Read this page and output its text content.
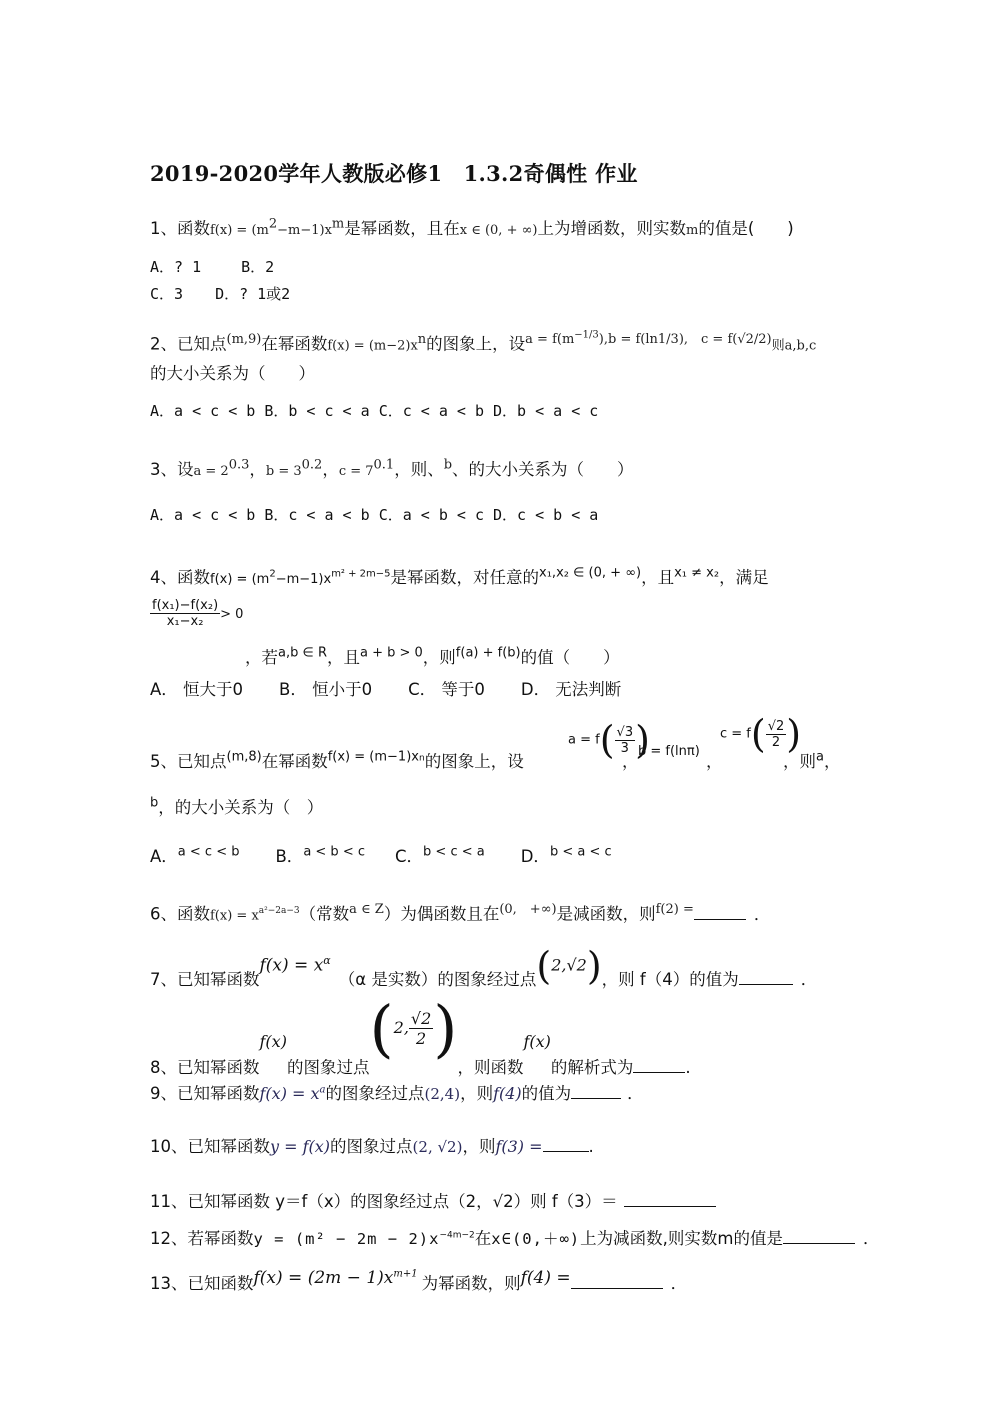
2019-2020学年人教版必修1　1.3.2奇偶性 作业
1、函数$f(x) = (m^2-m-1)x^m$是幂函数，且在x ∈ (0, + ∞)上为增函数，则实数m的值是(　　)
A．? 1	B．2
C．3 D．? 1或2
2、已知点$^{(m,9)}$在幂函数$f(x) = (m-2)x^n$的图象上，设$^{a = f(m^{-1/3}),b = f(ln1/3), c = f(√2/2)}$则a,b,c
的大小关系为（　　）
A．a < c < b B．b < c < a C．c < a < b D．b < a < c
3、设$a = 2^{0.3}$，$b = 3^{0.2}$，$c = 7^{0.1}$，则、$^b$、的大小关系为（　　）
A．a < c < b B．c < a < b C．a < b < c D．c < b < a
4、函数$f(x) = (m^2-m-1)x^{m^2 + 2m-5}$是幂函数，对任意的$^{x_1,x_2 \in (0, + \infty)}$，且$^{x_1 \ne x_2}$，满足
$\frac{\text{f(x₁)−f(x₂)}}{\text{x₁−x₂}} > 0$
，若$^{a,b \in R}$，且$^{a + b > 0}$，则$^{f(a) + f(b)}$的值（　　）
A． 恒大于0 B． 恒小于0 C． 等于0 D． 无法判断
5、已知点$^{(m,8)}$在幂函数$^{f(x) = (m-1)xn}$的图象上，设
$a = f( \frac{√3}{3}$ )
，
b = f(lnπ)
，
$c = f( \frac{√2}{2}$ )
，则$^a$，
$^b$，的大小关系为（　）
A．$^{a < c < b}$ B．$^{a < b < c}$ C．$^{b < c < a}$ D．$^{b < a < c}$
6、函数$f(x) = x^{a^2-2a-3}$（常数$^{a \in Z}$）为偶函数且在$^{(0, +\infty)}$是减函数，则$^{f(2) =}$	．
7、已知幂函数$f(x) = x^\alpha(\alpha$ 是实数）的图象经过点(2,√2)，则 f（4）的值为	．
8、已知幂函数f(x)的图象过点(2, $\frac{√2}{2}$ )，则函数f(x)的解析式为	.
9、已知幂函数$f(x) = x^a$的图象经过点(2,4)，则f(4)的值为	．
10、已知幂函数y = f(x)的图象过点(2, √2)，则f(3) =	.
11、已知幂函数 y＝f（x）的图象经过点（2，√2）则 f（3）＝
12、若幂函数$y = (m^2 - 2m - 2)x^{-4m-2}$在x∈(0,＋∞)上为减函数,则实数m的值是	．
13、已知函数$f(x) = (2m - 1)x^{m+1}$ 为幂函数，则f(4) =	．
